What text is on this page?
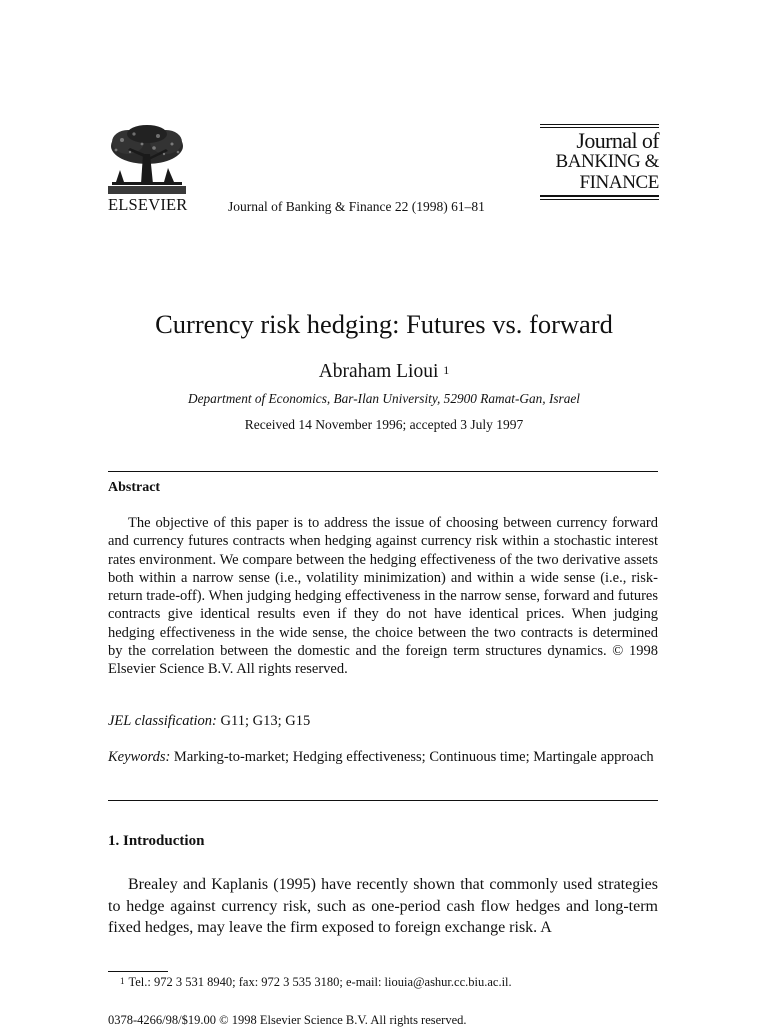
ELSEVIER	Journal of Banking & Finance 22 (1998) 61–81
Journal of
BANKING &
FINANCE
Currency risk hedging: Futures vs. forward
Abraham Lioui $^1$
Department of Economics, Bar-Ilan University, 52900 Ramat-Gan, Israel
Received 14 November 1996; accepted 3 July 1997
Abstract
The objective of this paper is to address the issue of choosing between currency forward and currency futures contracts when hedging against currency risk within a stochastic interest rates environment. We compare between the hedging effectiveness of the two derivative assets both within a narrow sense (i.e., volatility minimization) and within a wide sense (i.e., risk-return trade-off). When judging hedging effectiveness in the narrow sense, forward and futures contracts give identical results even if they do not have identical prices. When judging hedging effectiveness in the wide sense, the choice between the two contracts is determined by the correlation between the domestic and the foreign term structures dynamics. © 1998 Elsevier Science B.V. All rights reserved.
JEL classification: G11; G13; G15
Keywords: Marking-to-market; Hedging effectiveness; Continuous time; Martingale approach
1. Introduction
Brealey and Kaplanis (1995) have recently shown that commonly used strategies to hedge against currency risk, such as one-period cash flow hedges and long-term fixed hedges, may leave the firm exposed to foreign exchange risk. A
$^1$ Tel.: 972 3 531 8940; fax: 972 3 535 3180; e-mail: liouia@ashur.cc.biu.ac.il.
0378-4266/98/$19.00 © 1998 Elsevier Science B.V. All rights reserved.
